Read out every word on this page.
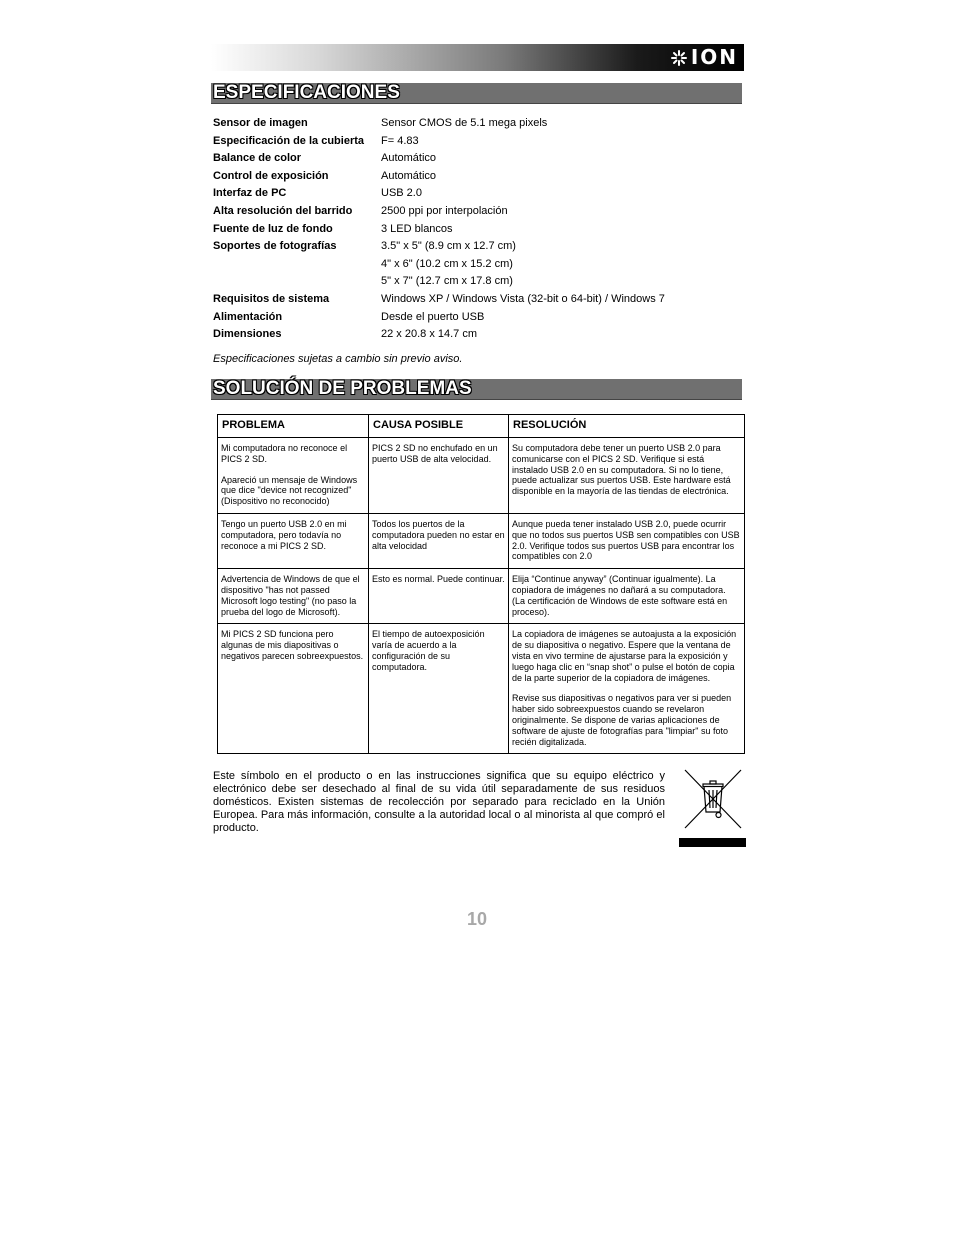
ION
ESPECIFICACIONES
Sensor de imagen	Sensor CMOS de 5.1 mega pixels
Especificación de la cubierta F= 4.83
Balance de color	Automático
Control de exposición	Automático
Interfaz de PC	USB 2.0
Alta resolución del barrido	2500 ppi por interpolación
Fuente de luz de fondo	3 LED blancos
Soportes de fotografías	3.5" x 5" (8.9 cm x 12.7 cm)
4" x 6" (10.2 cm x 15.2 cm)
5" x 7" (12.7 cm x 17.8 cm)
Requisitos de sistema	Windows XP / Windows Vista (32-bit o 64-bit) / Windows 7
Alimentación	Desde el puerto USB
Dimensiones	22 x 20.8 x 14.7 cm
Especificaciones sujetas a cambio sin previo aviso.
SOLUCIÓN DE PROBLEMAS
PROBLEMA	CAUSA POSIBLE	RESOLUCIÓN

Mi computadora no reconoce el PICS 2 SD.
Apareció un mensaje de Windows que dice "device not recognized" (Dispositivo no reconocido)	PICS 2 SD no enchufado en un puerto USB de alta velocidad.	Su computadora debe tener un puerto USB 2.0 para comunicarse con el PICS 2 SD. Verifique si está instalado USB 2.0 en su computadora. Si no lo tiene, puede actualizar sus puertos USB. Este hardware está disponible en la mayoría de las tiendas de electrónica.

Tengo un puerto USB 2.0 en mi computadora, pero todavía no reconoce a mi PICS 2 SD.	Todos los puertos de la computadora pueden no estar en alta velocidad	Aunque pueda tener instalado USB 2.0, puede ocurrir que no todos sus puertos USB sen compatibles con USB 2.0. Verifique todos sus puertos USB para encontrar los compatibles con 2.0

Advertencia de Windows de que el dispositivo "has not passed Microsoft logo testing" (no paso la prueba del logo de Microsoft).	Esto es normal. Puede continuar.	Elija “Continue anyway” (Continuar igualmente). La copiadora de imágenes no dañará a su computadora. (La certificación de Windows de este software está en proceso).

Mi PICS 2 SD funciona pero algunas de mis diapositivas o negativos parecen sobreexpuestos.	El tiempo de autoexposición varía de acuerdo a la configuración de su computadora.	La copiadora de imágenes se autoajusta a la exposición de su diapositiva o negativo. Espere que la ventana de vista en vivo termine de ajustarse para la exposición y luego haga clic en “snap shot” o pulse el botón de copia de la parte superior de la copiadora de imágenes.
Revise sus diapositivas o negativos para ver si pueden haber sido sobreexpuestos cuando se revelaron originalmente. Se dispone de varias aplicaciones de software de ajuste de fotografías para "limpiar" su foto recién digitalizada.
Este símbolo en el producto o en las instrucciones significa que su equipo eléctrico y electrónico debe ser desechado al final de su vida útil separadamente de sus residuos domésticos. Existen sistemas de recolección por separado para reciclado en la Unión Europea. Para más información, consulte a la autoridad local o al minorista al que compró el producto.
10
